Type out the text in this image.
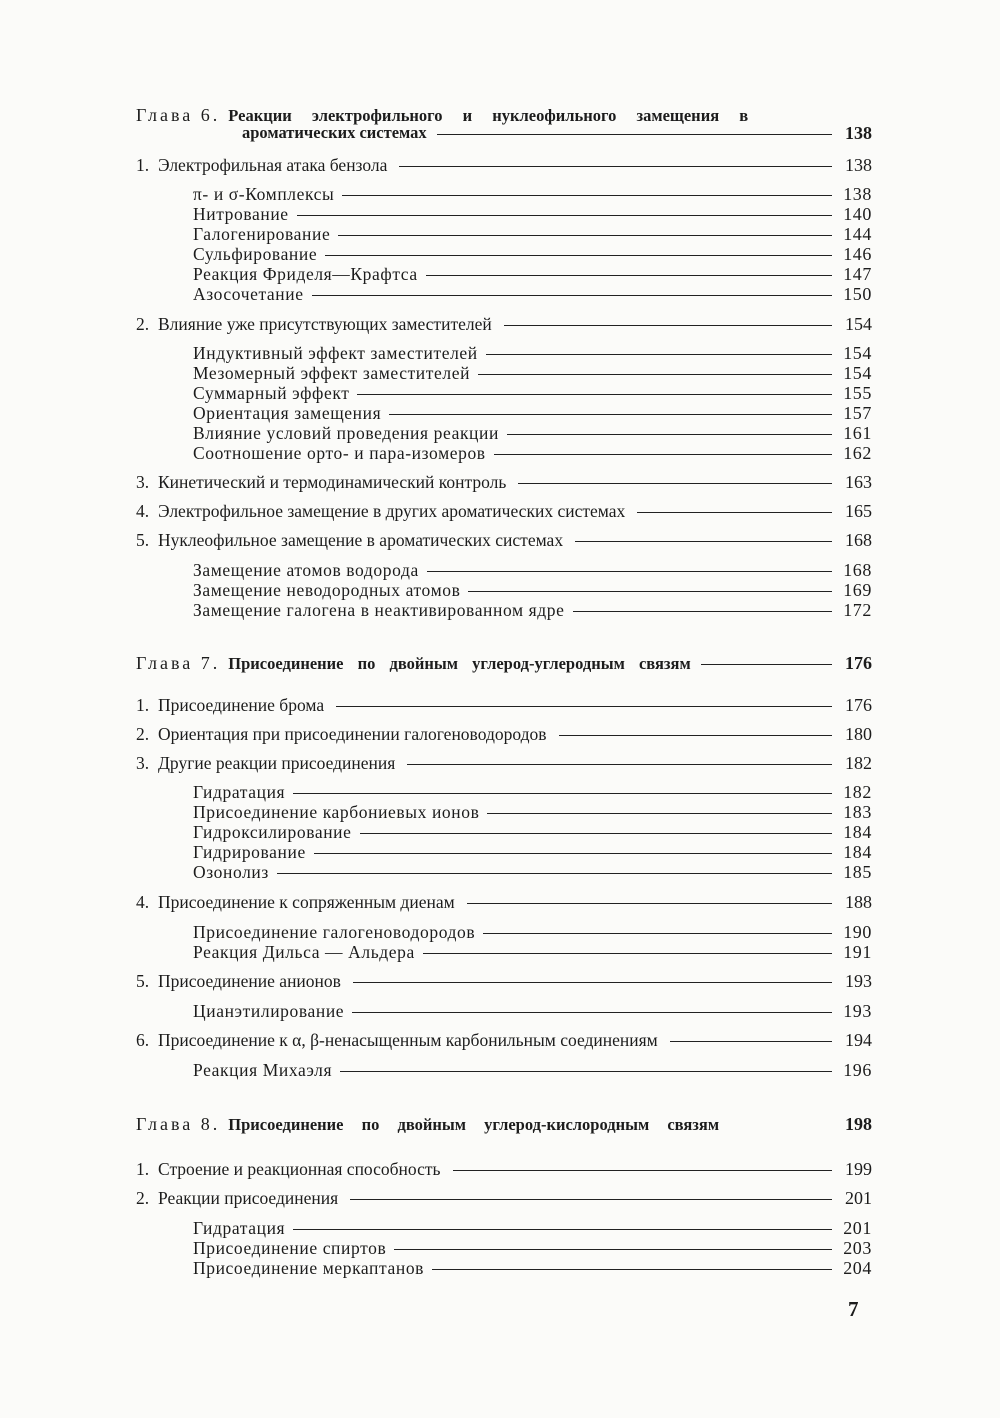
Глава 6. Реакции электрофильного и нуклеофильного замещения в
ароматических системах	138
1. Электрофильная атака бензола	138
π- и σ-Комплексы	138
Нитрование	140
Галогенирование	144
Сульфирование	146
Реакция Фриделя—Крафтса	147
Азосочетание	150
2. Влияние уже присутствующих заместителей	154
Индуктивный эффект заместителей	154
Мезомерный эффект заместителей	154
Суммарный эффект	155
Ориентация замещения	157
Влияние условий проведения реакции	161
Соотношение орто- и пара-изомеров	162
3. Кинетический и термодинамический контроль	163
4. Электрофильное замещение в других ароматических системах	165
5. Нуклеофильное замещение в ароматических системах	168
Замещение атомов водорода	168
Замещение неводородных атомов	169
Замещение галогена в неактивированном ядре	172
Глава 7. Присоединение по двойным углерод-углеродным связям	176
1. Присоединение брома	176
2. Ориентация при присоединении галогеноводородов	180
3. Другие реакции присоединения	182
Гидратация	182
Присоединение карбониевых ионов	183
Гидроксилирование	184
Гидрирование	184
Озонолиз	185
4. Присоединение к сопряженным диенам	188
Присоединение галогеноводородов	190
Реакция Дильса — Альдера	191
5. Присоединение анионов	193
Цианэтилирование	193
6. Присоединение к α, β-ненасыщенным карбонильным соединениям	194
Реакция Михаэля	196
Глава 8. Присоединение по двойным углерод-кислородным связям	198
1. Строение и реакционная способность	199
2. Реакции присоединения	201
Гидратация	201
Присоединение спиртов	203
Присоединение меркаптанов	204
7
